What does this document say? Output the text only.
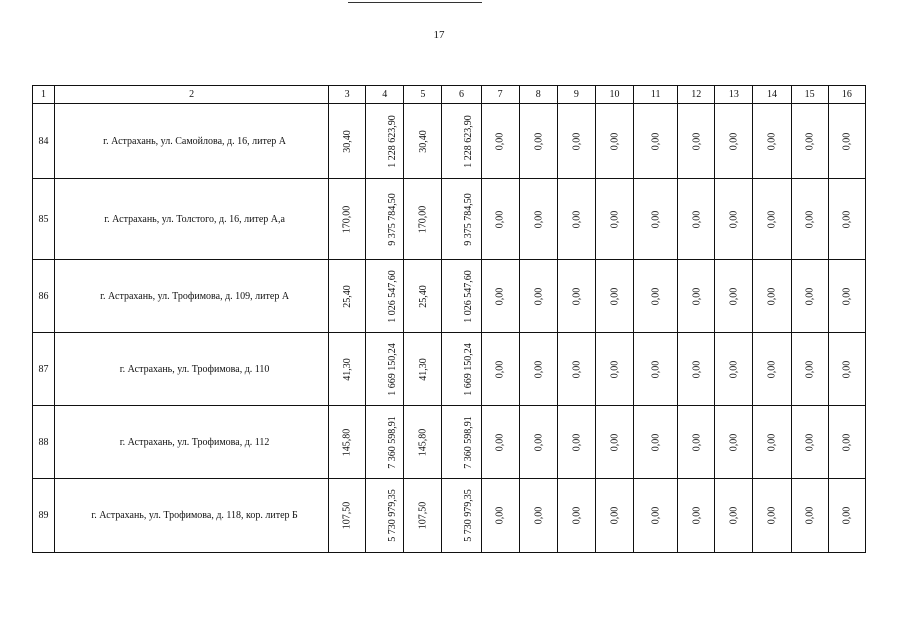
17
1	2	3	4	5	6	7	8	9	10	11	12	13	14	15	16
84	г. Астрахань, ул. Самойлова, д. 16, литер А	30,40	1 228 623,90	30,40	1 228 623,90	0,00	0,00	0,00	0,00	0,00	0,00	0,00	0,00	0,00	0,00
85	г. Астрахань, ул. Толстого, д. 16, литер А,а	170,00	9 375 784,50	170,00	9 375 784,50	0,00	0,00	0,00	0,00	0,00	0,00	0,00	0,00	0,00	0,00
86	г. Астрахань, ул. Трофимова, д. 109, литер А	25,40	1 026 547,60	25,40	1 026 547,60	0,00	0,00	0,00	0,00	0,00	0,00	0,00	0,00	0,00	0,00
87	г. Астрахань, ул. Трофимова, д. 110	41,30	1 669 150,24	41,30	1 669 150,24	0,00	0,00	0,00	0,00	0,00	0,00	0,00	0,00	0,00	0,00
88	г. Астрахань, ул. Трофимова, д. 112	145,80	7 360 598,91	145,80	7 360 598,91	0,00	0,00	0,00	0,00	0,00	0,00	0,00	0,00	0,00	0,00
89	г. Астрахань, ул. Трофимова, д. 118, кор. литер Б	107,50	5 730 979,35	107,50	5 730 979,35	0,00	0,00	0,00	0,00	0,00	0,00	0,00	0,00	0,00	0,00
